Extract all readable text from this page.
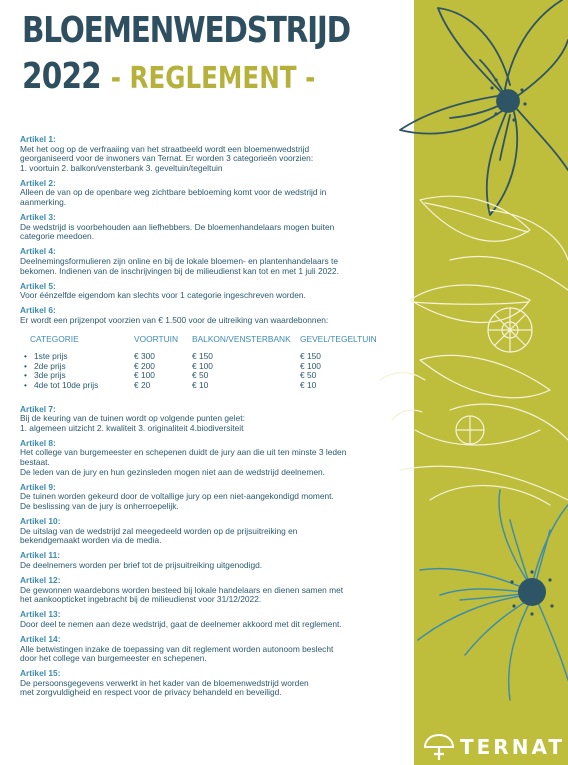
BLOEMENWEDSTRIJD
2022 - REGLEMENT -
Artikel 1:
Met het oog op de verfraaiing van het straatbeeld wordt een bloemenwedstrijd
georganiseerd voor de inwoners van Ternat. Er worden 3 categorieën voorzien:
1. voortuin 2. balkon/vensterbank 3. geveltuin/tegeltuin
Artikel 2:
Alleen de van op de openbare weg zichtbare bebloeming komt voor de wedstrijd in
aanmerking.
Artikel 3:
De wedstrijd is voorbehouden aan liefhebbers. De bloemenhandelaars mogen buiten
categorie meedoen.
Artikel 4:
Deelnemingsformulieren zijn online en bij de lokale bloemen- en plantenhandelaars te
bekomen. Indienen van de inschrijvingen bij de milieudienst kan tot en met 1 juli 2022.
Artikel 5:
Voor éénzelfde eigendom kan slechts voor 1 categorie ingeschreven worden.
Artikel 6:
Er wordt een prijzenpot voorzien van € 1.500 voor de uitreiking van waardebonnen:
CATEGORIE	VOORTUIN	BALKON/VENSTERBANK	GEVEL/TEGELTUIN
• 1ste prijs	€ 300	€ 150	€ 150
• 2de prijs	€ 200	€ 100	€ 100
• 3de prijs	€ 100	€ 50	€ 50
• 4de tot 10de prijs	€ 20	€ 10	€ 10
Artikel 7:
Bij de keuring van de tuinen wordt op volgende punten gelet:
1. algemeen uitzicht 2. kwaliteit 3. originaliteit 4.biodiversiteit
Artikel 8:
Het college van burgemeester en schepenen duidt de jury aan die uit ten minste 3 leden
bestaat.
De leden van de jury en hun gezinsleden mogen niet aan de wedstrijd deelnemen.
Artikel 9:
De tuinen worden gekeurd door de voltallige jury op een niet-aangekondigd moment.
De beslissing van de jury is onherroepelijk.
Artikel 10:
De uitslag van de wedstrijd zal meegedeeld worden op de prijsuitreiking en
bekendgemaakt worden via de media.
Artikel 11:
De deelnemers worden per brief tot de prijsuitreiking uitgenodigd.
Artikel 12:
De gewonnen waardebons worden besteed bij lokale handelaars en dienen samen met
het aankoopticket ingebracht bij de milieudienst voor 31/12/2022.
Artikel 13:
Door deel te nemen aan deze wedstrijd, gaat de deelnemer akkoord met dit reglement.
Artikel 14:
Alle betwistingen inzake de toepassing van dit reglement worden autonoom beslecht
door het college van burgemeester en schepenen.
Artikel 15:
De persoonsgegevens verwerkt in het kader van de bloemenwedstrijd worden
met zorgvuldigheid en respect voor de privacy behandeld en beveiligd.
TERNAT
